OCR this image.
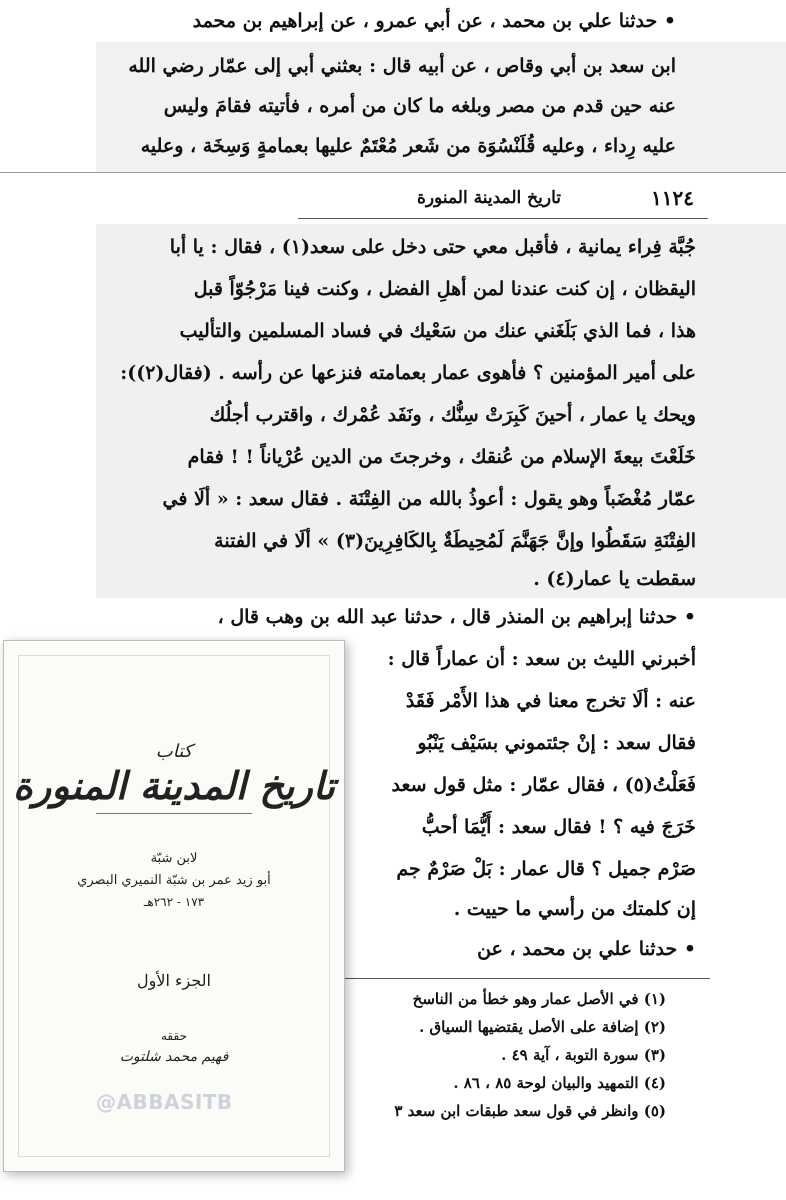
• حدثنا علي بن محمد ، عن أبي عمرو ، عن إبراهيم بن محمد
ابن سعد بن أبي وقاص ، عن أبيه قال : بعثني أبي إلى عمّار رضي الله
عنه حين قدم من مصر وبلغه ما كان من أمره ، فأتيته فقامَ وليس
عليه رِداء ، وعليه قُلَنْسُوَة من شَعر مُعْتَمٌ عليها بعمامةٍ وَسِخَة ، وعليه
١١٢٤
تاريخ المدينة المنورة
جُبَّة فِراء يمانية ، فأقبل معي حتى دخل على سعد(١) ، فقال : يا أبا
اليقظان ، إن كنت عندنا لمن أهلِ الفضل ، وكنت فينا مَرْجُوّاً قبل
هذا ، فما الذي بَلَغَني عنك من سَعْيك في فساد المسلمين والتأليب
على أمير المؤمنين ؟ فأهوى عمار بعمامته فنزعها عن رأسه . (فقال(٢)):
ويحك يا عمار ، أحينَ كَبِرَتْ سِنُّك ، ونَفَد عُمْرك ، واقترب أجلُك
خَلَعْتَ بيعةَ الإسلام من عُنقك ، وخرجتَ من الدين عُرْياناً ! ! فقام
عمّار مُغْضَباً وهو يقول : أعوذُ بالله من الفِتْنَة . فقال سعد : « ألَا في
الفِتْنَةِ سَقَطُوا وإنَّ جَهَنَّمَ لَمُحِيطَةٌ بِالكَافِرِينَ(٣) » ألَا في الفتنة
سقطت يا عمار(٤) .
• حدثنا إبراهيم بن المنذر قال ، حدثنا عبد الله بن وهب قال ،
أخبرني الليث بن سعد : أن عماراً قال :
عنه : ألَا تخرج معنا في هذا الأَمْر فَقَدْ
فقال سعد : إنْ جئتموني بسَيْف يَنْبُو
فَعَلْتُ(٥) ، فقال عمّار : مثل قول سعد
خَرَجَ فيه ؟ ! فقال سعد : أَيُّمَا أحبُّ
صَرْم جميل ؟ قال عمار : بَلْ صَرْمٌ جم
إن كلمتك من رأسي ما حييت .
• حدثنا علي بن محمد ، عن
(١) في الأصل عمار وهو خطأ من الناسخ
(٢) إضافة على الأصل يقتضيها السياق .
(٣) سورة التوبة ، آية ٤٩ .
(٤) التمهيد والبيان لوحة ٨٥ ، ٨٦ .
(٥) وانظر في قول سعد طبقات ابن سعد ٣
كتاب
تاريخ المدينة المنورة
لابن شبّة
أبو زيد عمر بن شبّة النميري البصري
١٧٣ - ٢٦٢هـ
الجزء الأول
حققه
فهيم محمد شلتوت
@ABBASITB
